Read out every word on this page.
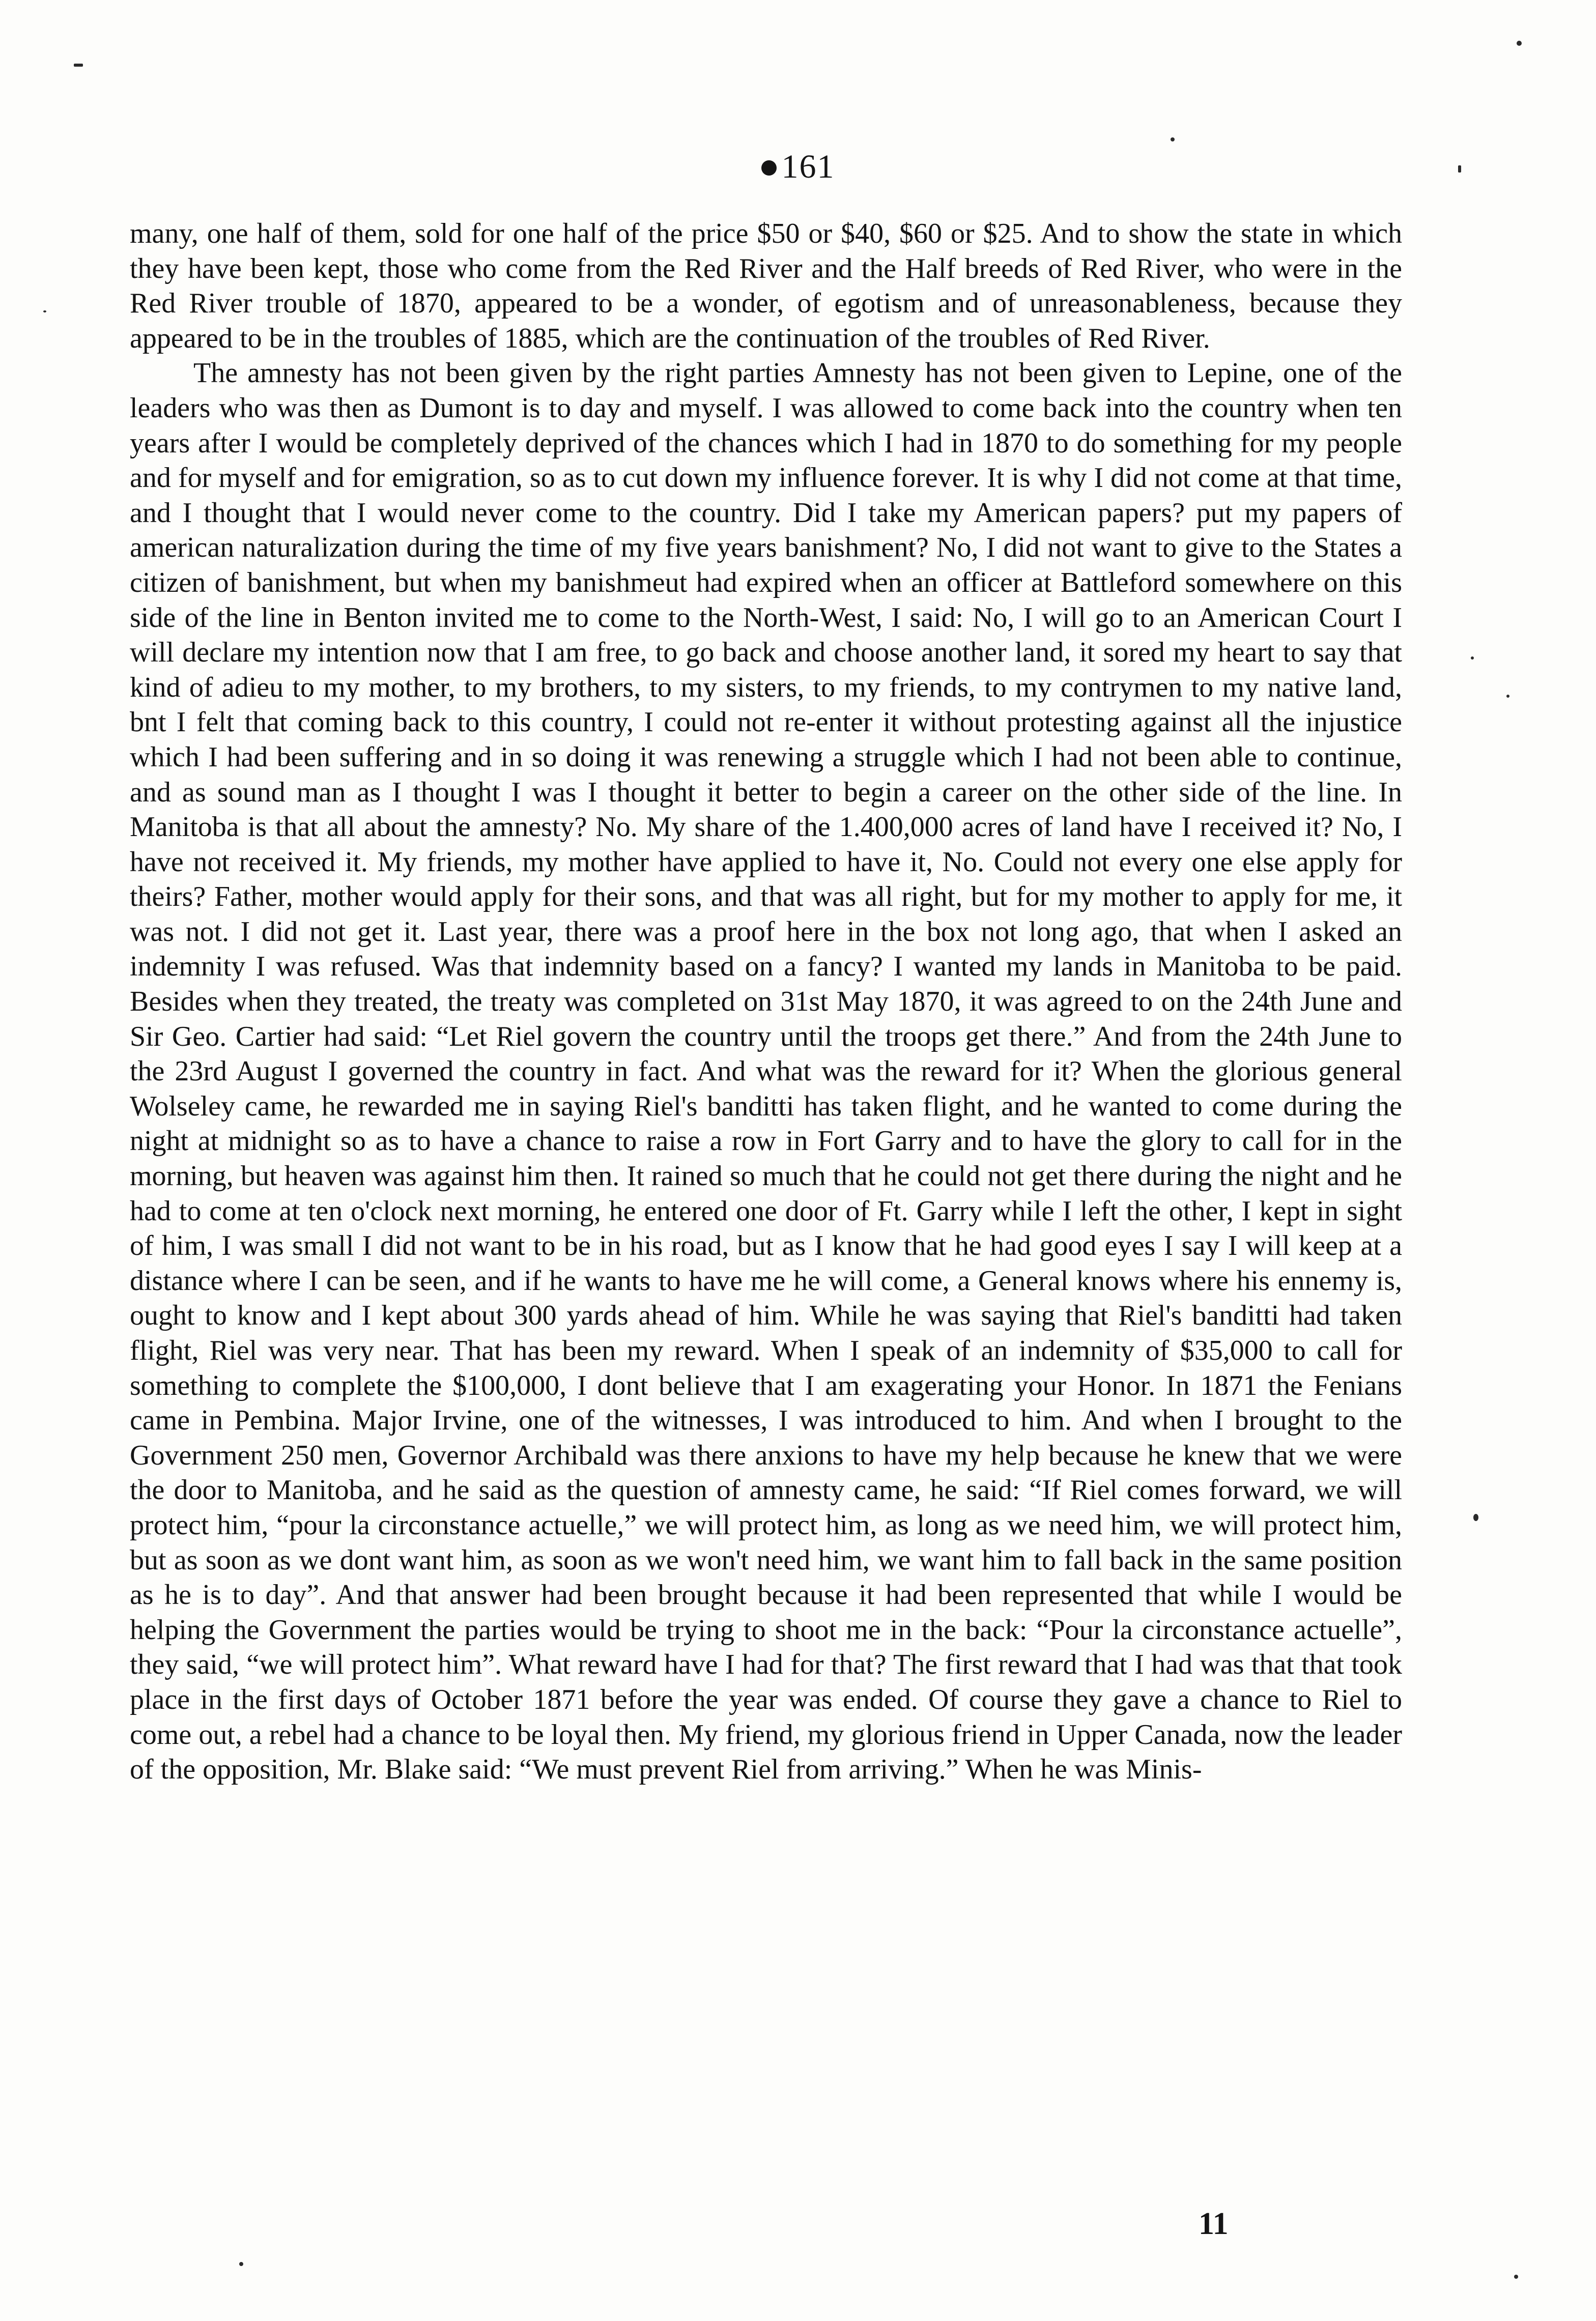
161

many, one half of them, sold for one half of the price $50 or $40, $60 or $25. And to show the state in which they have been kept, those who come from the Red River and the Half breeds of Red River, who were in the Red River trouble of 1870, appeared to be a wonder, of egotism and of unreasonableness, because they appeared to be in the troubles of 1885, which are the continuation of the troubles of Red River.

The amnesty has not been given by the right parties Amnesty has not been given to Lepine, one of the leaders who was then as Dumont is to day and myself. I was allowed to come back into the country when ten years after I would be completely deprived of the chances which I had in 1870 to do something for my people and for myself and for emigration, so as to cut down my influence forever. It is why I did not come at that time, and I thought that I would never come to the country. Did I take my American papers? put my papers of american naturalization during the time of my five years banishment? No, I did not want to give to the States a citizen of banishment, but when my banishmeut had expired when an officer at Battleford somewhere on this side of the line in Benton invited me to come to the North-West, I said: No, I will go to an American Court I will declare my intention now that I am free, to go back and choose another land, it sored my heart to say that kind of adieu to my mother, to my brothers, to my sisters, to my friends, to my contrymen to my native land, bnt I felt that coming back to this country, I could not re-enter it without protesting against all the injustice which I had been suffering and in so doing it was renewing a struggle which I had not been able to continue, and as sound man as I thought I was I thought it better to begin a career on the other side of the line. In Manitoba is that all about the amnesty? No. My share of the 1.400,000 acres of land have I received it? No, I have not received it. My friends, my mother have applied to have it, No. Could not every one else apply for theirs? Father, mother would apply for their sons, and that was all right, but for my mother to apply for me, it was not. I did not get it. Last year, there was a proof here in the box not long ago, that when I asked an indemnity I was refused. Was that indemnity based on a fancy? I wanted my lands in Manitoba to be paid. Besides when they treated, the treaty was completed on 31st May 1870, it was agreed to on the 24th June and Sir Geo. Cartier had said: “Let Riel govern the country until the troops get there.” And from the 24th June to the 23rd August I governed the country in fact. And what was the reward for it? When the glorious general Wolseley came, he rewarded me in saying Riel's banditti has taken flight, and he wanted to come during the night at midnight so as to have a chance to raise a row in Fort Garry and to have the glory to call for in the morning, but heaven was against him then. It rained so much that he could not get there during the night and he had to come at ten o'clock next morning, he entered one door of Ft. Garry while I left the other, I kept in sight of him, I was small I did not want to be in his road, but as I know that he had good eyes I say I will keep at a distance where I can be seen, and if he wants to have me he will come, a General knows where his ennemy is, ought to know and I kept about 300 yards ahead of him. While he was saying that Riel's banditti had taken flight, Riel was very near. That has been my reward. When I speak of an indemnity of $35,000 to call for something to complete the $100,000, I dont believe that I am exagerating your Honor. In 1871 the Fenians came in Pembina. Major Irvine, one of the witnesses, I was introduced to him. And when I brought to the Government 250 men, Governor Archibald was there anxions to have my help because he knew that we were the door to Manitoba, and he said as the question of amnesty came, he said: “If Riel comes forward, we will protect him, “pour la circonstance actuelle,” we will protect him, as long as we need him, we will protect him, but as soon as we dont want him, as soon as we won't need him, we want him to fall back in the same position as he is to day”. And that answer had been brought because it had been represented that while I would be helping the Government the parties would be trying to shoot me in the back: “Pour la circonstance actuelle”, they said, “we will protect him”. What reward have I had for that? The first reward that I had was that that took place in the first days of October 1871 before the year was ended. Of course they gave a chance to Riel to come out, a rebel had a chance to be loyal then. My friend, my glorious friend in Upper Canada, now the leader of the opposition, Mr. Blake said: “We must prevent Riel from arriving.” When he was Minis-

11
